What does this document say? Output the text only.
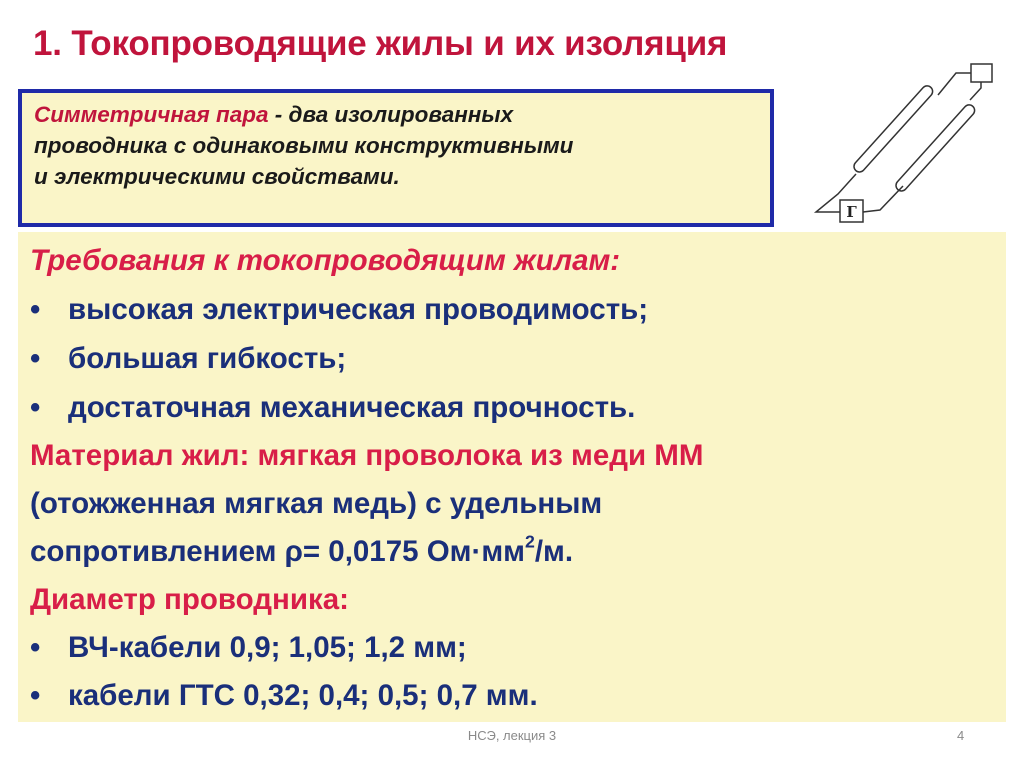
1. Токопроводящие жилы и их изоляция
Симметричная пара - два изолированных
проводника с одинаковыми конструктивными
и электрическими свойствами.
Г
Требования к токопроводящим жилам:
• высокая электрическая проводимость;
• большая гибкость;
• достаточная механическая прочность.
Материал жил: мягкая проволока из меди ММ
(отожженная мягкая медь) с удельным
сопротивлением ρ= 0,0175 $Ом\cdot мм^2/м$.
Диаметр проводника:
• ВЧ-кабели 0,9; 1,05; 1,2 мм;
• кабели ГТС 0,32; 0,4; 0,5; 0,7 мм.
НСЭ, лекция 3	4
